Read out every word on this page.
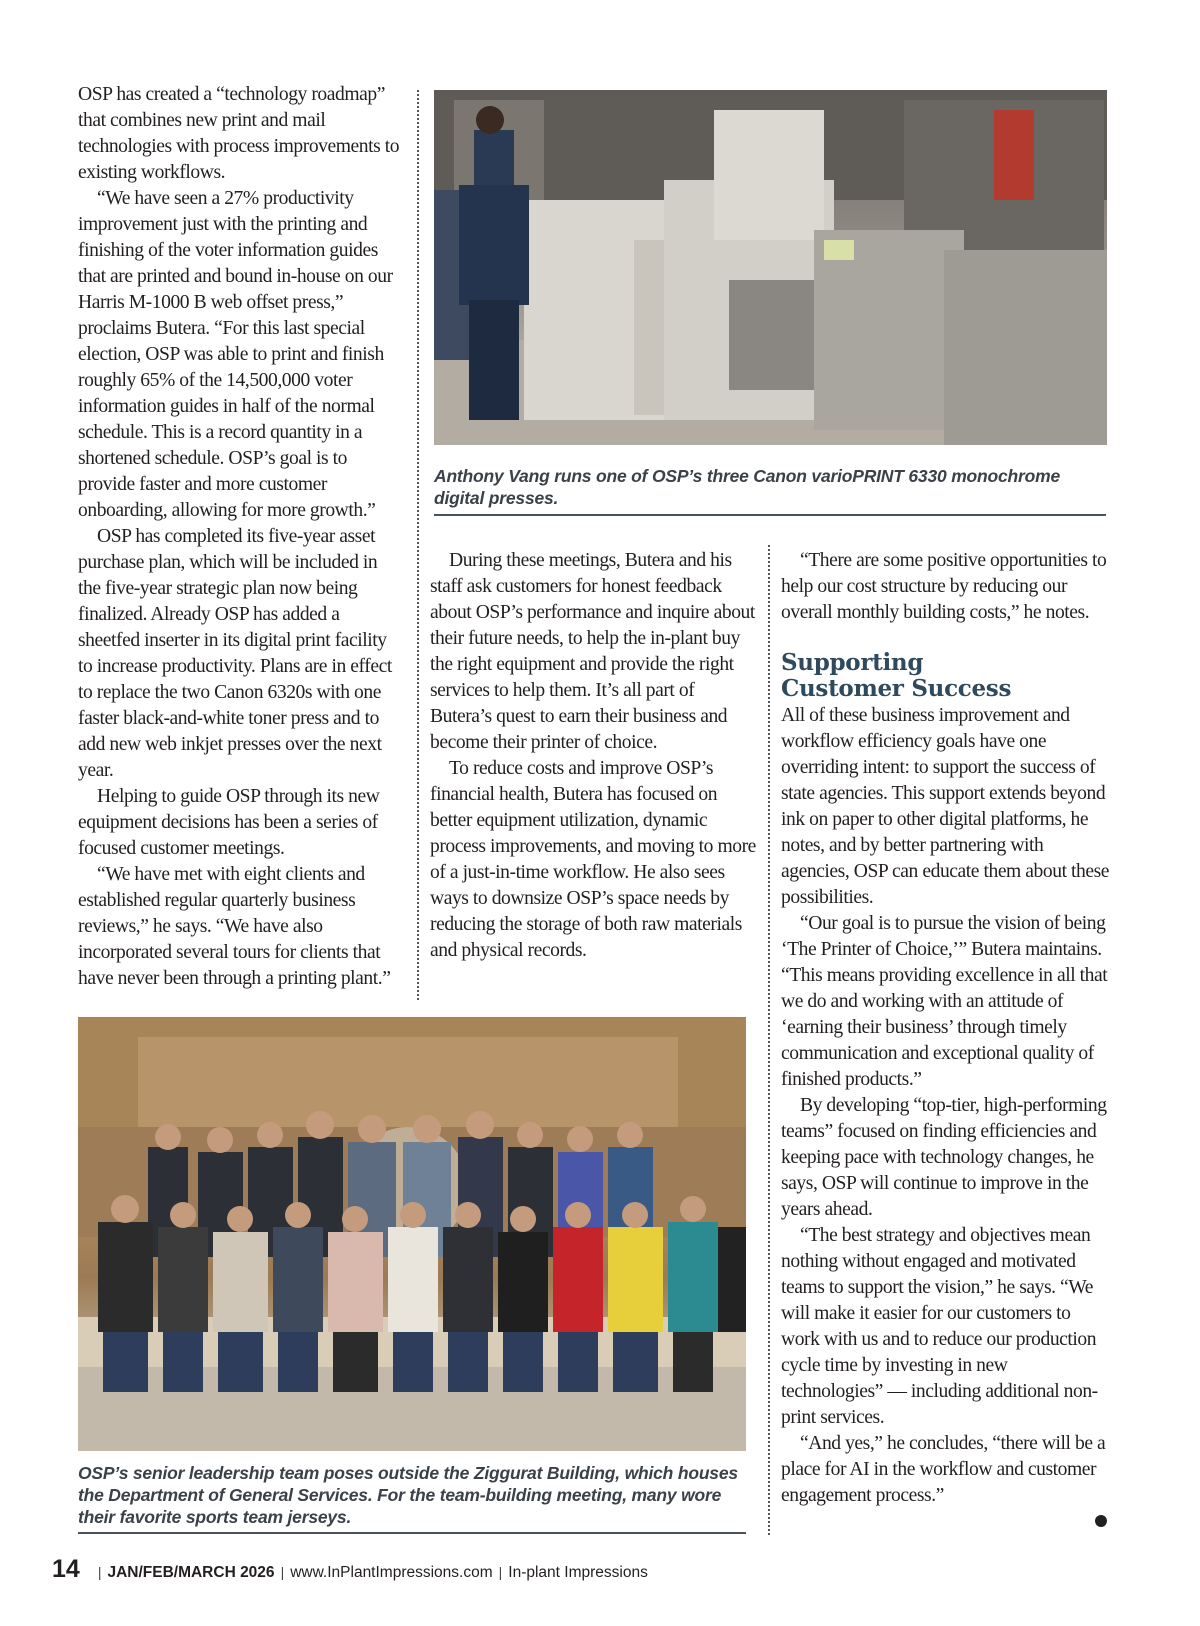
OSP has created a “technology roadmap” that combines new print and mail technologies with process improvements to existing workflows.

“We have seen a 27% productivity improvement just with the printing and finishing of the voter information guides that are printed and bound in-house on our Harris M-1000 B web offset press,” proclaims Butera. “For this last special election, OSP was able to print and finish roughly 65% of the 14,500,000 voter information guides in half of the normal schedule. This is a record quantity in a shortened schedule. OSP’s goal is to provide faster and more customer onboarding, allowing for more growth.”

OSP has completed its five-year asset purchase plan, which will be included in the five-year strategic plan now being finalized. Already OSP has added a sheetfed inserter in its digital print facility to increase productivity. Plans are in effect to replace the two Canon 6320s with one faster black-and-white toner press and to add new web inkjet presses over the next year.

Helping to guide OSP through its new equipment decisions has been a series of focused customer meetings.

“We have met with eight clients and established regular quarterly business reviews,” he says. “We have also incorporated several tours for clients that have never been through a printing plant.”

Anthony Vang runs one of OSP’s three Canon varioPRINT 6330 monochrome digital presses.

During these meetings, Butera and his staff ask customers for honest feedback about OSP’s performance and inquire about their future needs, to help the in-plant buy the right equipment and provide the right services to help them. It’s all part of Butera’s quest to earn their business and become their printer of choice.

To reduce costs and improve OSP’s financial health, Butera has focused on better equipment utilization, dynamic process improvements, and moving to more of a just-in-time workflow. He also sees ways to downsize OSP’s space needs by reducing the storage of both raw materials and physical records.

“There are some positive opportunities to help our cost structure by reducing our overall monthly building costs,” he notes.

Supporting
Customer Success

All of these business improvement and workflow efficiency goals have one overriding intent: to support the success of state agencies. This support extends beyond ink on paper to other digital platforms, he notes, and by better partnering with agencies, OSP can educate them about these possibilities.

“Our goal is to pursue the vision of being ‘The Printer of Choice,’” Butera maintains. “This means providing excellence in all that we do and working with an attitude of ‘earning their business’ through timely communication and exceptional quality of finished products.”

By developing “top-tier, high-performing teams” focused on finding efficiencies and keeping pace with technology changes, he says, OSP will continue to improve in the years ahead.

“The best strategy and objectives mean nothing without engaged and motivated teams to support the vision,” he says. “We will make it easier for our customers to work with us and to reduce our production cycle time by investing in new technologies” — including additional non-print services.

“And yes,” he concludes, “there will be a place for AI in the workflow and customer engagement process.”

OSP’s senior leadership team poses outside the Ziggurat Building, which houses the Department of General Services. For the team-building meeting, many wore their favorite sports team jerseys.
14 | JAN/FEB/MARCH 2026 | www.InPlantImpressions.com | In-plant Impressions
